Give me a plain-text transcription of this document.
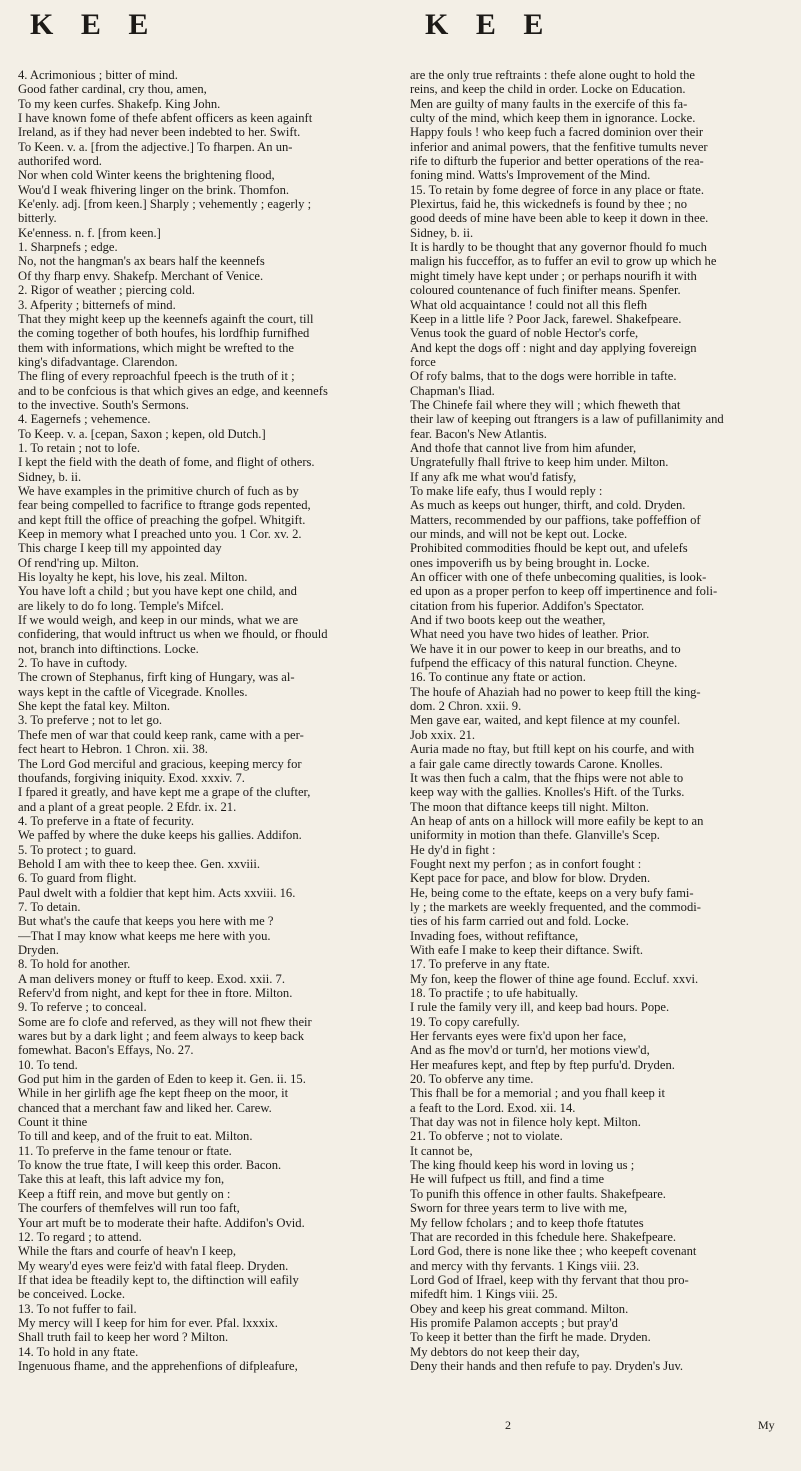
K E E	K E E
4. Acrimonious ; bitter of mind.
Good father cardinal, cry thou, amen,
To my keen curfes. Shakefp. King John.
I have known fome of thefe abfent officers as keen againft
Ireland, as if they had never been indebted to her. Swift.
To Keen. v. a. [from the adjective.] To fharpen. An un-
authorifed word.
Nor when cold Winter keens the brightening flood,
Wou'd I weak fhivering linger on the brink. Thomfon.
Ke'enly. adj. [from keen.] Sharply ; vehemently ; eagerly ;
bitterly.
Ke'enness. n. f. [from keen.]
1. Sharpnefs ; edge.
No, not the hangman's ax bears half the keennefs
Of thy fharp envy. Shakefp. Merchant of Venice.
2. Rigor of weather ; piercing cold.
3. Afperity ; bitternefs of mind.
That they might keep up the keennefs againft the court, till
the coming together of both houfes, his lordfhip furnifhed
them with informations, which might be wrefted to the
king's difadvantage. Clarendon.
The fling of every reproachful fpeech is the truth of it ;
and to be confcious is that which gives an edge, and keennefs
to the invective. South's Sermons.
4. Eagernefs ; vehemence.
To Keep. v. a. [cepan, Saxon ; kepen, old Dutch.]
1. To retain ; not to lofe.
I kept the field with the death of fome, and flight of others.
Sidney, b. ii.
We have examples in the primitive church of fuch as by
fear being compelled to facrifice to ftrange gods repented,
and kept ftill the office of preaching the gofpel. Whitgift.
Keep in memory what I preached unto you. 1 Cor. xv. 2.
This charge I keep till my appointed day
Of rend'ring up. Milton.
His loyalty he kept, his love, his zeal. Milton.
You have loft a child ; but you have kept one child, and
are likely to do fo long. Temple's Mifcel.
If we would weigh, and keep in our minds, what we are
confidering, that would inftruct us when we fhould, or fhould
not, branch into diftinctions. Locke.
2. To have in cuftody.
The crown of Stephanus, firft king of Hungary, was al-
ways kept in the caftle of Vicegrade. Knolles.
She kept the fatal key. Milton.
3. To preferve ; not to let go.
Thefe men of war that could keep rank, came with a per-
fect heart to Hebron. 1 Chron. xii. 38.
The Lord God merciful and gracious, keeping mercy for
thoufands, forgiving iniquity. Exod. xxxiv. 7.
I fpared it greatly, and have kept me a grape of the clufter,
and a plant of a great people. 2 Efdr. ix. 21.
4. To preferve in a ftate of fecurity.
We paffed by where the duke keeps his gallies. Addifon.
5. To protect ; to guard.
Behold I am with thee to keep thee. Gen. xxviii.
6. To guard from flight.
Paul dwelt with a foldier that kept him. Acts xxviii. 16.
7. To detain.
But what's the caufe that keeps you here with me ?
—That I may know what keeps me here with you.
Dryden.
8. To hold for another.
A man delivers money or ftuff to keep. Exod. xxii. 7.
Referv'd from night, and kept for thee in ftore. Milton.
9. To referve ; to conceal.
Some are fo clofe and referved, as they will not fhew their
wares but by a dark light ; and feem always to keep back
fomewhat. Bacon's Effays, No. 27.
10. To tend.
God put him in the garden of Eden to keep it. Gen. ii. 15.
While in her girlifh age fhe kept fheep on the moor, it
chanced that a merchant faw and liked her. Carew.
Count it thine
To till and keep, and of the fruit to eat. Milton.
11. To preferve in the fame tenour or ftate.
To know the true ftate, I will keep this order. Bacon.
Take this at leaft, this laft advice my fon,
Keep a ftiff rein, and move but gently on :
The courfers of themfelves will run too faft,
Your art muft be to moderate their hafte. Addifon's Ovid.
12. To regard ; to attend.
While the ftars and courfe of heav'n I keep,
My weary'd eyes were feiz'd with fatal fleep. Dryden.
If that idea be fteadily kept to, the diftinction will eafily
be conceived. Locke.
13. To not fuffer to fail.
My mercy will I keep for him for ever. Pfal. lxxxix.
Shall truth fail to keep her word ? Milton.
14. To hold in any ftate.
Ingenuous fhame, and the apprehenfions of difpleafure,
are the only true reftraints : thefe alone ought to hold the
reins, and keep the child in order. Locke on Education.
Men are guilty of many faults in the exercife of this fa-
culty of the mind, which keep them in ignorance. Locke.
Happy fouls ! who keep fuch a facred dominion over their
inferior and animal powers, that the fenfitive tumults never
rife to difturb the fuperior and better operations of the rea-
foning mind. Watts's Improvement of the Mind.
15. To retain by fome degree of force in any place or ftate.
Plexirtus, faid he, this wickednefs is found by thee ; no
good deeds of mine have been able to keep it down in thee.
Sidney, b. ii.
It is hardly to be thought that any governor fhould fo much
malign his fucceffor, as to fuffer an evil to grow up which he
might timely have kept under ; or perhaps nourifh it with
coloured countenance of fuch finifter means. Spenfer.
What old acquaintance ! could not all this flefh
Keep in a little life ? Poor Jack, farewel. Shakefpeare.
Venus took the guard of noble Hector's corfe,
And kept the dogs off : night and day applying fovereign
force
Of rofy balms, that to the dogs were horrible in tafte.
Chapman's Iliad.
The Chinefe fail where they will ; which fheweth that
their law of keeping out ftrangers is a law of pufillanimity and
fear. Bacon's New Atlantis.
And thofe that cannot live from him afunder,
Ungratefully fhall ftrive to keep him under. Milton.
If any afk me what wou'd fatisfy,
To make life eafy, thus I would reply :
As much as keeps out hunger, thirft, and cold. Dryden.
Matters, recommended by our paffions, take poffeffion of
our minds, and will not be kept out. Locke.
Prohibited commodities fhould be kept out, and ufelefs
ones impoverifh us by being brought in. Locke.
An officer with one of thefe unbecoming qualities, is look-
ed upon as a proper perfon to keep off impertinence and foli-
citation from his fuperior. Addifon's Spectator.
And if two boots keep out the weather,
What need you have two hides of leather. Prior.
We have it in our power to keep in our breaths, and to
fufpend the efficacy of this natural function. Cheyne.
16. To continue any ftate or action.
The houfe of Ahaziah had no power to keep ftill the king-
dom. 2 Chron. xxii. 9.
Men gave ear, waited, and kept filence at my counfel.
Job xxix. 21.
Auria made no ftay, but ftill kept on his courfe, and with
a fair gale came directly towards Carone. Knolles.
It was then fuch a calm, that the fhips were not able to
keep way with the gallies. Knolles's Hift. of the Turks.
The moon that diftance keeps till night. Milton.
An heap of ants on a hillock will more eafily be kept to an
uniformity in motion than thefe. Glanville's Scep.
He dy'd in fight :
Fought next my perfon ; as in confort fought :
Kept pace for pace, and blow for blow. Dryden.
He, being come to the eftate, keeps on a very bufy fami-
ly ; the markets are weekly frequented, and the commodi-
ties of his farm carried out and fold. Locke.
Invading foes, without refiftance,
With eafe I make to keep their diftance. Swift.
17. To preferve in any ftate.
My fon, keep the flower of thine age found. Eccluf. xxvi.
18. To practife ; to ufe habitually.
I rule the family very ill, and keep bad hours. Pope.
19. To copy carefully.
Her fervants eyes were fix'd upon her face,
And as fhe mov'd or turn'd, her motions view'd,
Her meafures kept, and ftep by ftep purfu'd. Dryden.
20. To obferve any time.
This fhall be for a memorial ; and you fhall keep it
a feaft to the Lord. Exod. xii. 14.
That day was not in filence holy kept. Milton.
21. To obferve ; not to violate.
It cannot be,
The king fhould keep his word in loving us ;
He will fufpect us ftill, and find a time
To punifh this offence in other faults. Shakefpeare.
Sworn for three years term to live with me,
My fellow fcholars ; and to keep thofe ftatutes
That are recorded in this fchedule here. Shakefpeare.
Lord God, there is none like thee ; who keepeft covenant
and mercy with thy fervants. 1 Kings viii. 23.
Lord God of Ifrael, keep with thy fervant that thou pro-
mifedft him. 1 Kings viii. 25.
Obey and keep his great command. Milton.
His promife Palamon accepts ; but pray'd
To keep it better than the firft he made. Dryden.
My debtors do not keep their day,
Deny their hands and then refufe to pay. Dryden's Juv.
2	My
